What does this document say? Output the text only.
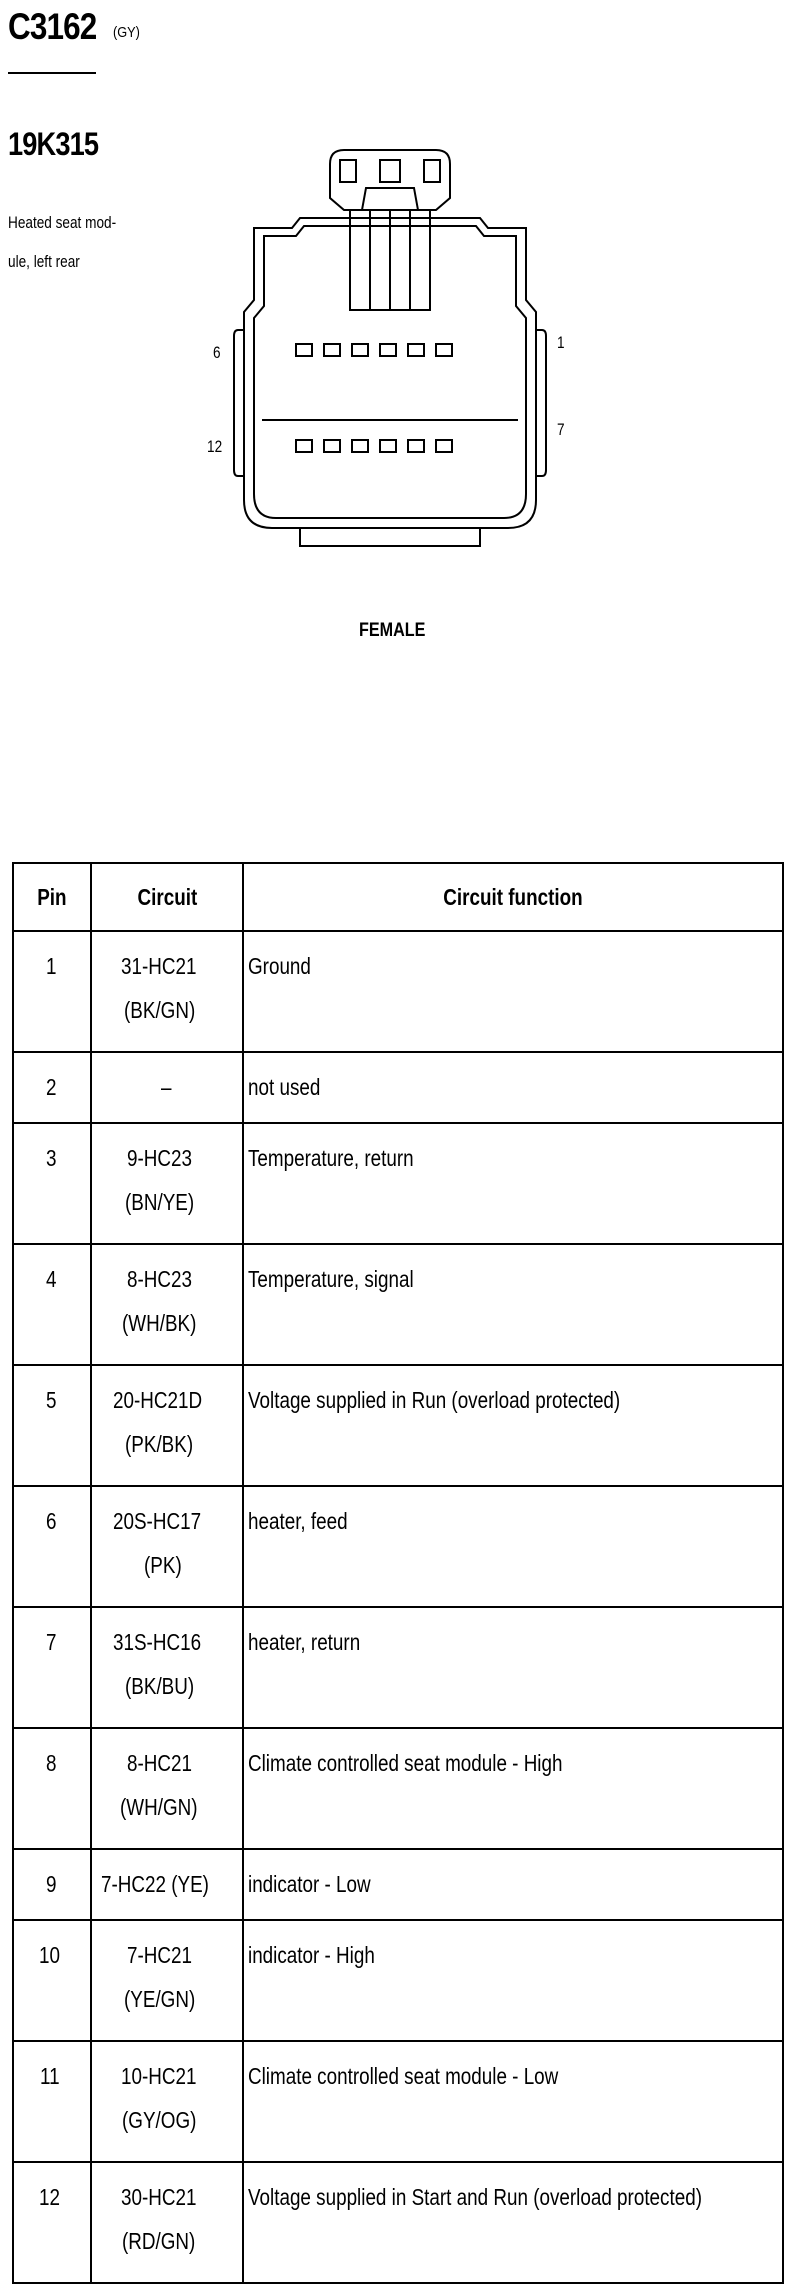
C3162 (GY)
19K315
Heated seat mod-
ule, left rear
6
12
1
7
FEMALE
Pin	Circuit	Circuit function
1	31-HC21(BK/GN)	Ground
2	–	not used
3	9-HC23(BN/YE)	Temperature, return
4	8-HC23(WH/BK)	Temperature, signal
5	20-HC21D(PK/BK)	Voltage supplied in Run (overload protected)
6	20S-HC17(PK)	heater, feed
7	31S-HC16(BK/BU)	heater, return
8	8-HC21(WH/GN)	Climate controlled seat module - High
9	7-HC22 (YE)	indicator - Low
10	7-HC21(YE/GN)	indicator - High
11	10-HC21(GY/OG)	Climate controlled seat module - Low
12	30-HC21(RD/GN)	Voltage supplied in Start and Run (overload protected)
